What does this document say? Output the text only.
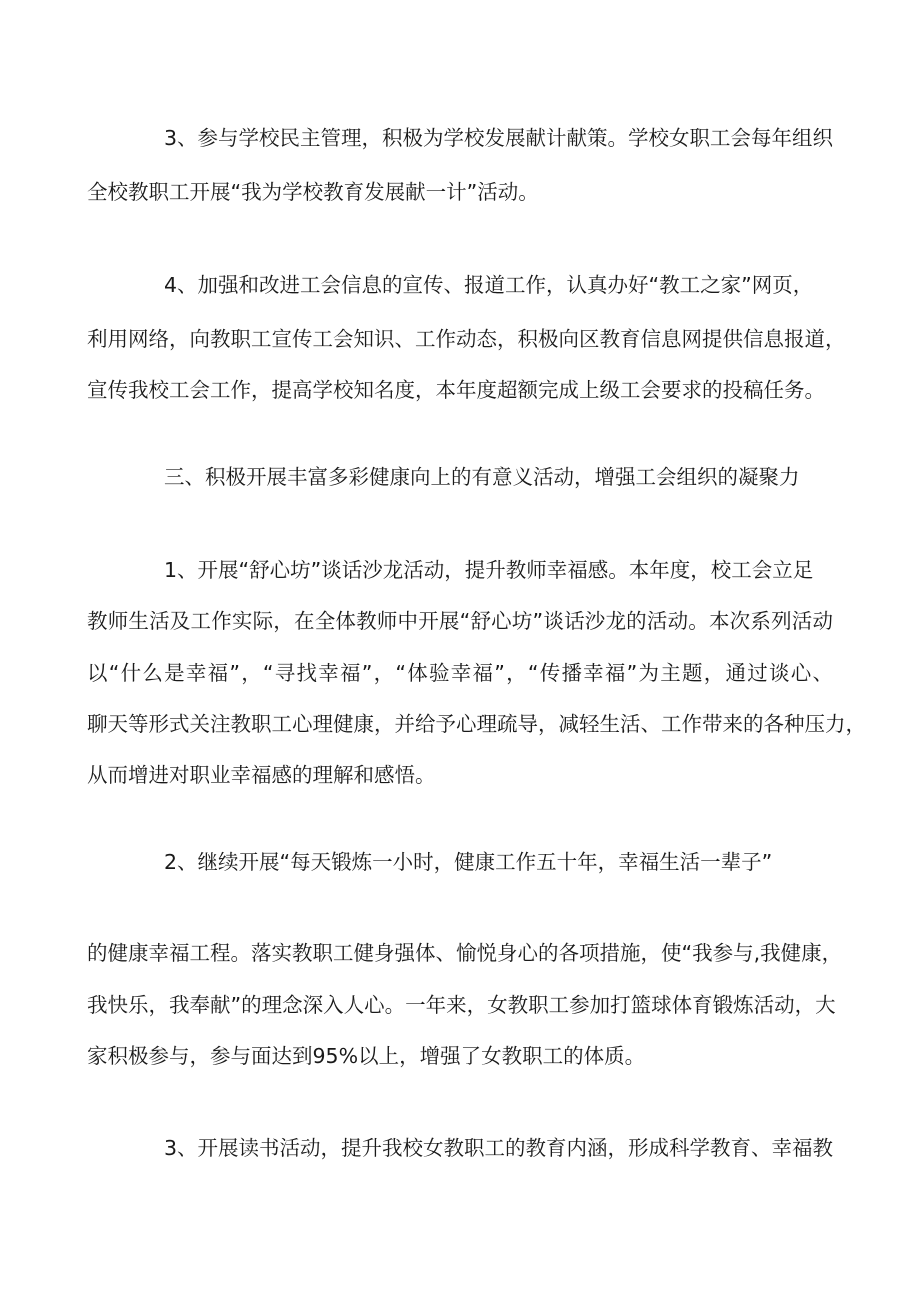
3、参与学校民主管理，积极为学校发展献计献策。学校女职工会每年组织
全校教职工开展“我为学校教育发展献一计”活动。
4、加强和改进工会信息的宣传、报道工作，认真办好“教工之家”网页，
利用网络，向教职工宣传工会知识、工作动态，积极向区教育信息网提供信息报道，
宣传我校工会工作，提高学校知名度，本年度超额完成上级工会要求的投稿任务。
三、积极开展丰富多彩健康向上的有意义活动，增强工会组织的凝聚力
1、开展“舒心坊”谈话沙龙活动，提升教师幸福感。本年度，校工会立足
教师生活及工作实际，在全体教师中开展“舒心坊”谈话沙龙的活动。本次系列活动
以“什么是幸福”，“寻找幸福”，“体验幸福”，“传播幸福”为主题，通过谈心、
聊天等形式关注教职工心理健康，并给予心理疏导，减轻生活、工作带来的各种压力，
从而增进对职业幸福感的理解和感悟。
2、继续开展“每天锻炼一小时，健康工作五十年，幸福生活一辈子”
的健康幸福工程。落实教职工健身强体、愉悦身心的各项措施，使“我参与,我健康，
我快乐，我奉献”的理念深入人心。一年来，女教职工参加打篮球体育锻炼活动，大
家积极参与，参与面达到95%以上，增强了女教职工的体质。
3、开展读书活动，提升我校女教职工的教育内涵，形成科学教育、幸福教
